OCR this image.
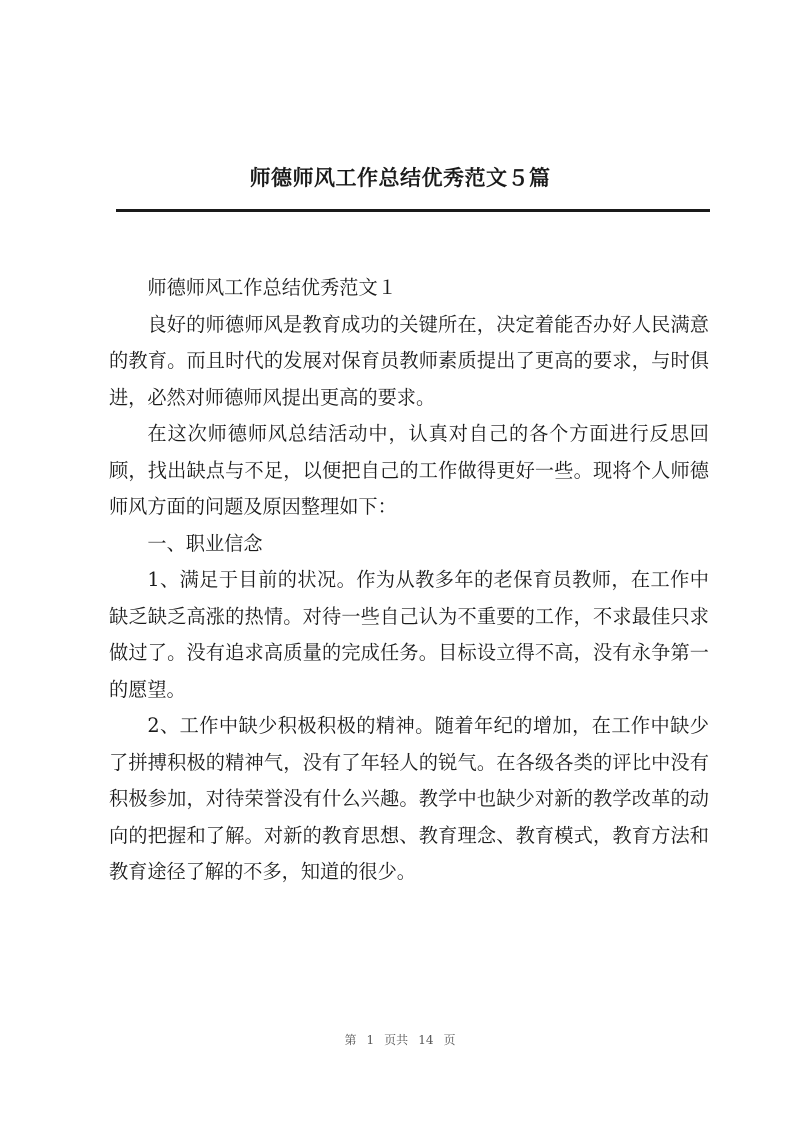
师德师风工作总结优秀范文５篇

师德师风工作总结优秀范文１

良好的师德师风是教育成功的关键所在，决定着能否办好人民满意的教育。而且时代的发展对保育员教师素质提出了更高的要求，与时俱进，必然对师德师风提出更高的要求。

在这次师德师风总结活动中，认真对自己的各个方面进行反思回顾，找出缺点与不足，以便把自己的工作做得更好一些。现将个人师德师风方面的问题及原因整理如下：

一、职业信念

1、满足于目前的状况。作为从教多年的老保育员教师，在工作中缺乏缺乏高涨的热情。对待一些自己认为不重要的工作，不求最佳只求做过了。没有追求高质量的完成任务。目标设立得不高，没有永争第一的愿望。

2、工作中缺少积极积极的精神。随着年纪的增加，在工作中缺少了拼搏积极的精神气，没有了年轻人的锐气。在各级各类的评比中没有积极参加，对待荣誉没有什么兴趣。教学中也缺少对新的教学改革的动向的把握和了解。对新的教育思想、教育理念、教育模式，教育方法和教育途径了解的不多，知道的很少。

第 1 页共 14 页
